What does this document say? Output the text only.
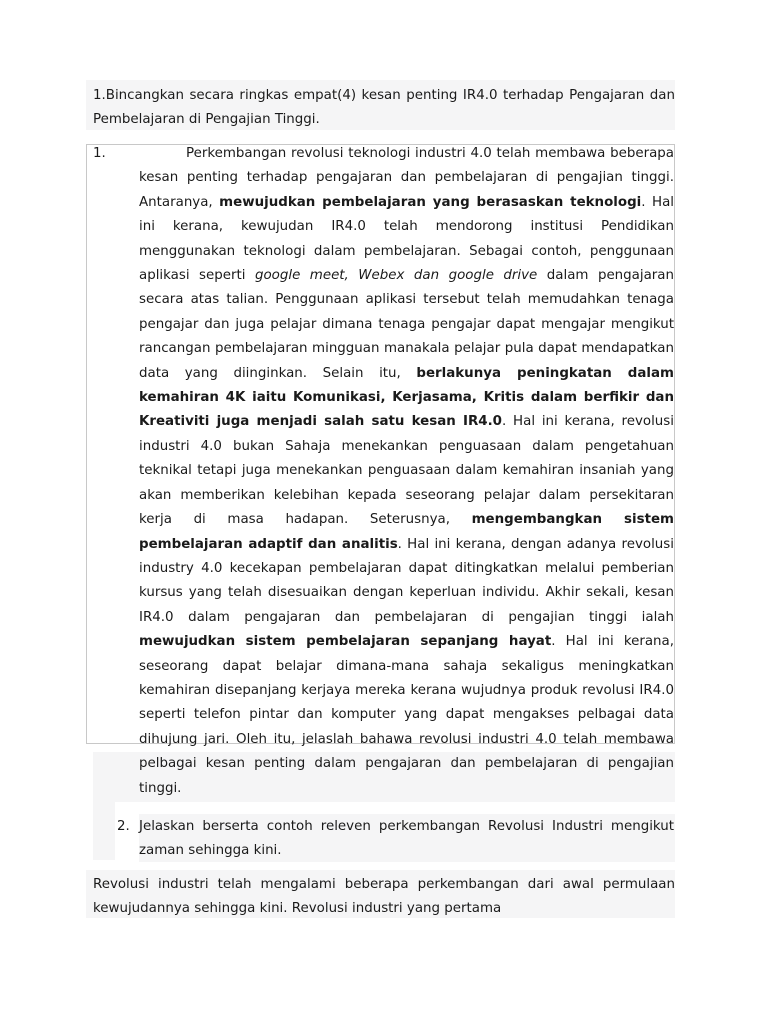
1.Bincangkan secara ringkas empat(4) kesan penting IR4.0 terhadap Pengajaran dan Pembelajaran di Pengajian Tinggi.

1.	Perkembangan revolusi teknologi industri 4.0 telah membawa beberapa kesan penting terhadap pengajaran dan pembelajaran di pengajian tinggi. Antaranya, mewujudkan pembelajaran yang berasaskan teknologi. Hal ini kerana, kewujudan IR4.0 telah mendorong institusi Pendidikan menggunakan teknologi dalam pembelajaran. Sebagai contoh, penggunaan aplikasi seperti google meet, Webex dan google drive dalam pengajaran secara atas talian. Penggunaan aplikasi tersebut telah memudahkan tenaga pengajar dan juga pelajar dimana tenaga pengajar dapat mengajar mengikut rancangan pembelajaran mingguan manakala pelajar pula dapat mendapatkan data yang diinginkan. Selain itu, berlakunya peningkatan dalam kemahiran 4K iaitu Komunikasi, Kerjasama, Kritis dalam berfikir dan Kreativiti juga menjadi salah satu kesan IR4.0. Hal ini kerana, revolusi industri 4.0 bukan Sahaja menekankan penguasaan dalam pengetahuan teknikal tetapi juga menekankan penguasaan dalam kemahiran insaniah yang akan memberikan kelebihan kepada seseorang pelajar dalam persekitaran kerja di masa hadapan. Seterusnya, mengembangkan sistem pembelajaran adaptif dan analitis. Hal ini kerana, dengan adanya revolusi industry 4.0 kecekapan pembelajaran dapat ditingkatkan melalui pemberian kursus yang telah disesuaikan dengan keperluan individu. Akhir sekali, kesan IR4.0 dalam pengajaran dan pembelajaran di pengajian tinggi ialah mewujudkan sistem pembelajaran sepanjang hayat. Hal ini kerana, seseorang dapat belajar dimana-mana sahaja sekaligus meningkatkan kemahiran disepanjang kerjaya mereka kerana wujudnya produk revolusi IR4.0 seperti telefon pintar dan komputer yang dapat mengakses pelbagai data dihujung jari. Oleh itu, jelaslah bahawa revolusi industri 4.0 telah membawa pelbagai kesan penting dalam pengajaran dan pembelajaran di pengajian tinggi.

2. Jelaskan berserta contoh releven perkembangan Revolusi Industri mengikut zaman sehingga kini.

Revolusi industri telah mengalami beberapa perkembangan dari awal permulaan kewujudannya sehingga kini. Revolusi industri yang pertama
